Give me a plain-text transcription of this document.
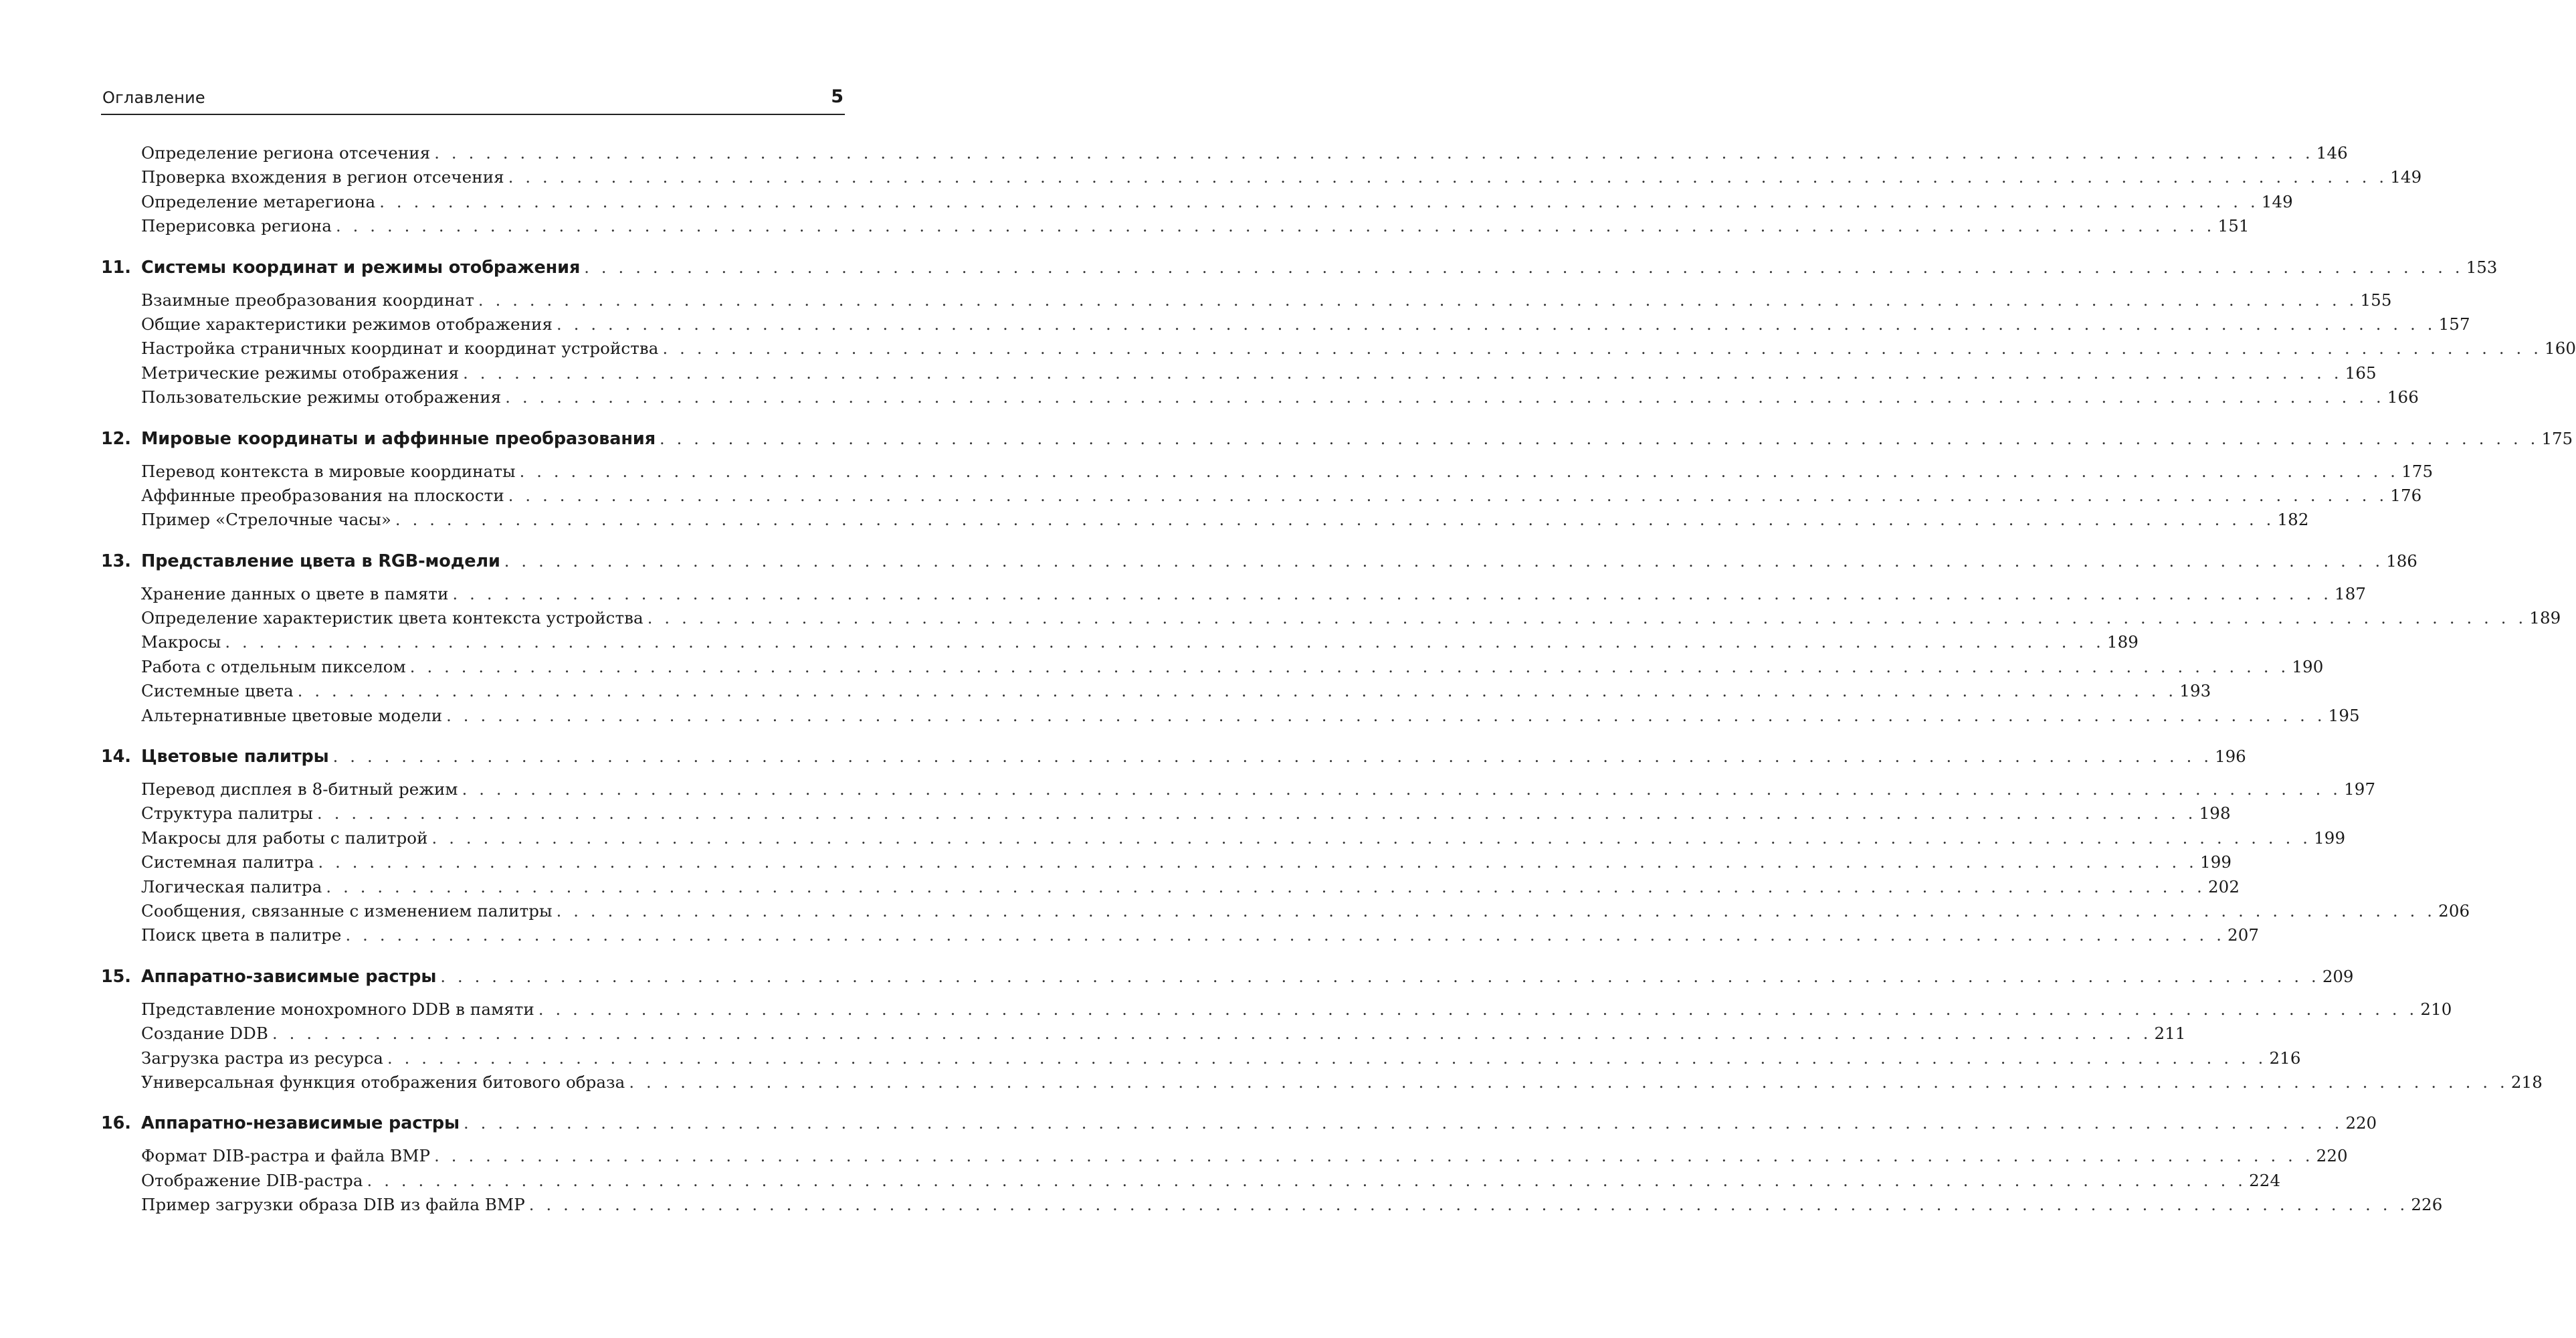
Оглавление	5
Определение региона отсечения . . . . . . . . . . . . . . . . . . . . . . . . . . . . . . . . . . . . . . . . . . . . . . . . . . . . . . . . . . . . . . . . . . . . . . . . . . . . . . . . . . . . . . . . . . . . . . . . . . . . . . . . . . . . . . 146
Проверка вхождения в регион отсечения . . . . . . . . . . . . . . . . . . . . . . . . . . . . . . . . . . . . . . . . . . . . . . . . . . . . . . . . . . . . . . . . . . . . . . . . . . . . . . . . . . . . . . . . . . . . . . . . . . . . . . . . . . . . . . 149
Определение метарегиона . . . . . . . . . . . . . . . . . . . . . . . . . . . . . . . . . . . . . . . . . . . . . . . . . . . . . . . . . . . . . . . . . . . . . . . . . . . . . . . . . . . . . . . . . . . . . . . . . . . . . . . . . . . . . . 149
Перерисовка региона . . . . . . . . . . . . . . . . . . . . . . . . . . . . . . . . . . . . . . . . . . . . . . . . . . . . . . . . . . . . . . . . . . . . . . . . . . . . . . . . . . . . . . . . . . . . . . . . . . . . . . . . . . . . . . 151
11. Системы координат и режимы отображения . . . . . . . . . . . . . . . . . . . . . . . . . . . . . . . . . . . . . . . . . . . . . . . . . . . . . . . . . . . . . . . . . . . . . . . . . . . . . . . . . . . . . . . . . . . . . . . . . . . . . . . . . . . . . . 153
Взаимные преобразования координат . . . . . . . . . . . . . . . . . . . . . . . . . . . . . . . . . . . . . . . . . . . . . . . . . . . . . . . . . . . . . . . . . . . . . . . . . . . . . . . . . . . . . . . . . . . . . . . . . . . . . . . . . . . . . . 155
Общие характеристики режимов отображения . . . . . . . . . . . . . . . . . . . . . . . . . . . . . . . . . . . . . . . . . . . . . . . . . . . . . . . . . . . . . . . . . . . . . . . . . . . . . . . . . . . . . . . . . . . . . . . . . . . . . . . . . . . . . . 157
Настройка страничных координат и координат устройства . . . . . . . . . . . . . . . . . . . . . . . . . . . . . . . . . . . . . . . . . . . . . . . . . . . . . . . . . . . . . . . . . . . . . . . . . . . . . . . . . . . . . . . . . . . . . . . . . . . . . . . . . . . . . . 160
Метрические режимы отображения . . . . . . . . . . . . . . . . . . . . . . . . . . . . . . . . . . . . . . . . . . . . . . . . . . . . . . . . . . . . . . . . . . . . . . . . . . . . . . . . . . . . . . . . . . . . . . . . . . . . . . . . . . . . . . 165
Пользовательские режимы отображения . . . . . . . . . . . . . . . . . . . . . . . . . . . . . . . . . . . . . . . . . . . . . . . . . . . . . . . . . . . . . . . . . . . . . . . . . . . . . . . . . . . . . . . . . . . . . . . . . . . . . . . . . . . . . . 166
12. Мировые координаты и аффинные преобразования . . . . . . . . . . . . . . . . . . . . . . . . . . . . . . . . . . . . . . . . . . . . . . . . . . . . . . . . . . . . . . . . . . . . . . . . . . . . . . . . . . . . . . . . . . . . . . . . . . . . . . . . . . . . . . 175
Перевод контекста в мировые координаты . . . . . . . . . . . . . . . . . . . . . . . . . . . . . . . . . . . . . . . . . . . . . . . . . . . . . . . . . . . . . . . . . . . . . . . . . . . . . . . . . . . . . . . . . . . . . . . . . . . . . . . . . . . . . . 175
Аффинные преобразования на плоскости . . . . . . . . . . . . . . . . . . . . . . . . . . . . . . . . . . . . . . . . . . . . . . . . . . . . . . . . . . . . . . . . . . . . . . . . . . . . . . . . . . . . . . . . . . . . . . . . . . . . . . . . . . . . . . 176
Пример «Стрелочные часы» . . . . . . . . . . . . . . . . . . . . . . . . . . . . . . . . . . . . . . . . . . . . . . . . . . . . . . . . . . . . . . . . . . . . . . . . . . . . . . . . . . . . . . . . . . . . . . . . . . . . . . . . . . . . . . 182
13. Представление цвета в RGB-модели . . . . . . . . . . . . . . . . . . . . . . . . . . . . . . . . . . . . . . . . . . . . . . . . . . . . . . . . . . . . . . . . . . . . . . . . . . . . . . . . . . . . . . . . . . . . . . . . . . . . . . . . . . . . . . 186
Хранение данных о цвете в памяти . . . . . . . . . . . . . . . . . . . . . . . . . . . . . . . . . . . . . . . . . . . . . . . . . . . . . . . . . . . . . . . . . . . . . . . . . . . . . . . . . . . . . . . . . . . . . . . . . . . . . . . . . . . . . . 187
Определение характеристик цвета контекста устройства . . . . . . . . . . . . . . . . . . . . . . . . . . . . . . . . . . . . . . . . . . . . . . . . . . . . . . . . . . . . . . . . . . . . . . . . . . . . . . . . . . . . . . . . . . . . . . . . . . . . . . . . . . . . . . 189
Макросы . . . . . . . . . . . . . . . . . . . . . . . . . . . . . . . . . . . . . . . . . . . . . . . . . . . . . . . . . . . . . . . . . . . . . . . . . . . . . . . . . . . . . . . . . . . . . . . . . . . . . . . . . . . . . . 189
Работа с отдельным пикселом . . . . . . . . . . . . . . . . . . . . . . . . . . . . . . . . . . . . . . . . . . . . . . . . . . . . . . . . . . . . . . . . . . . . . . . . . . . . . . . . . . . . . . . . . . . . . . . . . . . . . . . . . . . . . . 190
Системные цвета . . . . . . . . . . . . . . . . . . . . . . . . . . . . . . . . . . . . . . . . . . . . . . . . . . . . . . . . . . . . . . . . . . . . . . . . . . . . . . . . . . . . . . . . . . . . . . . . . . . . . . . . . . . . . . 193
Альтернативные цветовые модели . . . . . . . . . . . . . . . . . . . . . . . . . . . . . . . . . . . . . . . . . . . . . . . . . . . . . . . . . . . . . . . . . . . . . . . . . . . . . . . . . . . . . . . . . . . . . . . . . . . . . . . . . . . . . . 195
14. Цветовые палитры . . . . . . . . . . . . . . . . . . . . . . . . . . . . . . . . . . . . . . . . . . . . . . . . . . . . . . . . . . . . . . . . . . . . . . . . . . . . . . . . . . . . . . . . . . . . . . . . . . . . . . . . . . . . . . 196
Перевод дисплея в 8-битный режим . . . . . . . . . . . . . . . . . . . . . . . . . . . . . . . . . . . . . . . . . . . . . . . . . . . . . . . . . . . . . . . . . . . . . . . . . . . . . . . . . . . . . . . . . . . . . . . . . . . . . . . . . . . . . . 197
Структура палитры . . . . . . . . . . . . . . . . . . . . . . . . . . . . . . . . . . . . . . . . . . . . . . . . . . . . . . . . . . . . . . . . . . . . . . . . . . . . . . . . . . . . . . . . . . . . . . . . . . . . . . . . . . . . . . 198
Макросы для работы с палитрой . . . . . . . . . . . . . . . . . . . . . . . . . . . . . . . . . . . . . . . . . . . . . . . . . . . . . . . . . . . . . . . . . . . . . . . . . . . . . . . . . . . . . . . . . . . . . . . . . . . . . . . . . . . . . . 199
Системная палитра . . . . . . . . . . . . . . . . . . . . . . . . . . . . . . . . . . . . . . . . . . . . . . . . . . . . . . . . . . . . . . . . . . . . . . . . . . . . . . . . . . . . . . . . . . . . . . . . . . . . . . . . . . . . . . 199
Логическая палитра . . . . . . . . . . . . . . . . . . . . . . . . . . . . . . . . . . . . . . . . . . . . . . . . . . . . . . . . . . . . . . . . . . . . . . . . . . . . . . . . . . . . . . . . . . . . . . . . . . . . . . . . . . . . . . 202
Сообщения, связанные с изменением палитры . . . . . . . . . . . . . . . . . . . . . . . . . . . . . . . . . . . . . . . . . . . . . . . . . . . . . . . . . . . . . . . . . . . . . . . . . . . . . . . . . . . . . . . . . . . . . . . . . . . . . . . . . . . . . . 206
Поиск цвета в палитре . . . . . . . . . . . . . . . . . . . . . . . . . . . . . . . . . . . . . . . . . . . . . . . . . . . . . . . . . . . . . . . . . . . . . . . . . . . . . . . . . . . . . . . . . . . . . . . . . . . . . . . . . . . . . . 207
15. Аппаратно-зависимые растры . . . . . . . . . . . . . . . . . . . . . . . . . . . . . . . . . . . . . . . . . . . . . . . . . . . . . . . . . . . . . . . . . . . . . . . . . . . . . . . . . . . . . . . . . . . . . . . . . . . . . . . . . . . . . . 209
Представление монохромного DDB в памяти . . . . . . . . . . . . . . . . . . . . . . . . . . . . . . . . . . . . . . . . . . . . . . . . . . . . . . . . . . . . . . . . . . . . . . . . . . . . . . . . . . . . . . . . . . . . . . . . . . . . . . . . . . . . . . 210
Создание DDB . . . . . . . . . . . . . . . . . . . . . . . . . . . . . . . . . . . . . . . . . . . . . . . . . . . . . . . . . . . . . . . . . . . . . . . . . . . . . . . . . . . . . . . . . . . . . . . . . . . . . . . . . . . . . . 211
Загрузка растра из ресурса . . . . . . . . . . . . . . . . . . . . . . . . . . . . . . . . . . . . . . . . . . . . . . . . . . . . . . . . . . . . . . . . . . . . . . . . . . . . . . . . . . . . . . . . . . . . . . . . . . . . . . . . . . . . . . 216
Универсальная функция отображения битового образа . . . . . . . . . . . . . . . . . . . . . . . . . . . . . . . . . . . . . . . . . . . . . . . . . . . . . . . . . . . . . . . . . . . . . . . . . . . . . . . . . . . . . . . . . . . . . . . . . . . . . . . . . . . . . . 218
16. Аппаратно-независимые растры . . . . . . . . . . . . . . . . . . . . . . . . . . . . . . . . . . . . . . . . . . . . . . . . . . . . . . . . . . . . . . . . . . . . . . . . . . . . . . . . . . . . . . . . . . . . . . . . . . . . . . . . . . . . . . 220
Формат DIB-растра и файла BMP . . . . . . . . . . . . . . . . . . . . . . . . . . . . . . . . . . . . . . . . . . . . . . . . . . . . . . . . . . . . . . . . . . . . . . . . . . . . . . . . . . . . . . . . . . . . . . . . . . . . . . . . . . . . . . 220
Отображение DIB-растра . . . . . . . . . . . . . . . . . . . . . . . . . . . . . . . . . . . . . . . . . . . . . . . . . . . . . . . . . . . . . . . . . . . . . . . . . . . . . . . . . . . . . . . . . . . . . . . . . . . . . . . . . . . . . . 224
Пример загрузки образа DIB из файла BMP . . . . . . . . . . . . . . . . . . . . . . . . . . . . . . . . . . . . . . . . . . . . . . . . . . . . . . . . . . . . . . . . . . . . . . . . . . . . . . . . . . . . . . . . . . . . . . . . . . . . . . . . . . . . . . 226
